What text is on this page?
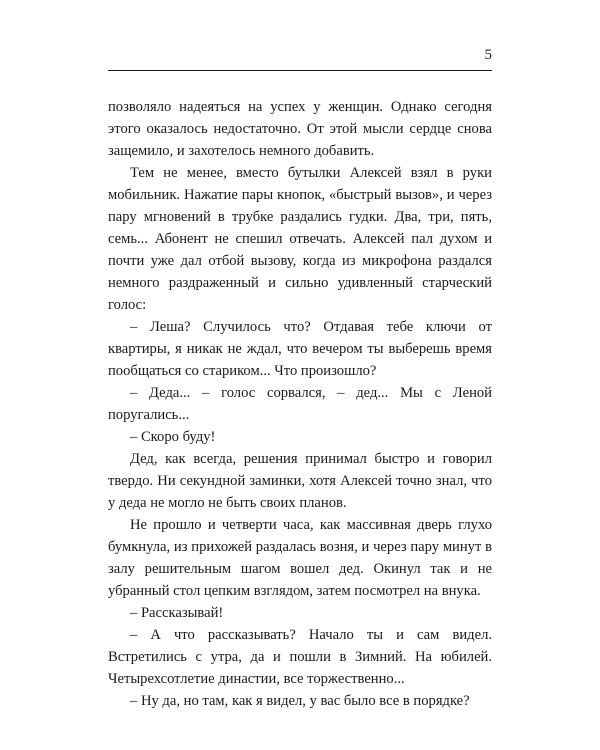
5

позволяло надеяться на успех у женщин. Однако сегодня этого оказалось недостаточно. От этой мысли сердце снова защемило, и захотелось немного добавить.

Тем не менее, вместо бутылки Алексей взял в руки мобильник. Нажатие пары кнопок, «быстрый вызов», и через пару мгновений в трубке раздались гудки. Два, три, пять, семь... Абонент не спешил отвечать. Алексей пал духом и почти уже дал отбой вызову, когда из микрофона раздался немного раздраженный и сильно удивленный старческий голос:

– Леша? Случилось что? Отдавая тебе ключи от квартиры, я никак не ждал, что вечером ты выберешь время пообщаться со стариком... Что произошло?

– Деда... – голос сорвался, – дед... Мы с Леной поругались...

– Скоро буду!

Дед, как всегда, решения принимал быстро и говорил твердо. Ни секундной заминки, хотя Алексей точно знал, что у деда не могло не быть своих планов.

Не прошло и четверти часа, как массивная дверь глухо бумкнула, из прихожей раздалась возня, и через пару минут в залу решительным шагом вошел дед. Окинул так и не убранный стол цепким взглядом, затем посмотрел на внука.

– Рассказывай!

– А что рассказывать? Начало ты и сам видел. Встретились с утра, да и пошли в Зимний. На юбилей. Четырехсотлетие династии, все торжественно...

– Ну да, но там, как я видел, у вас было все в порядке?
